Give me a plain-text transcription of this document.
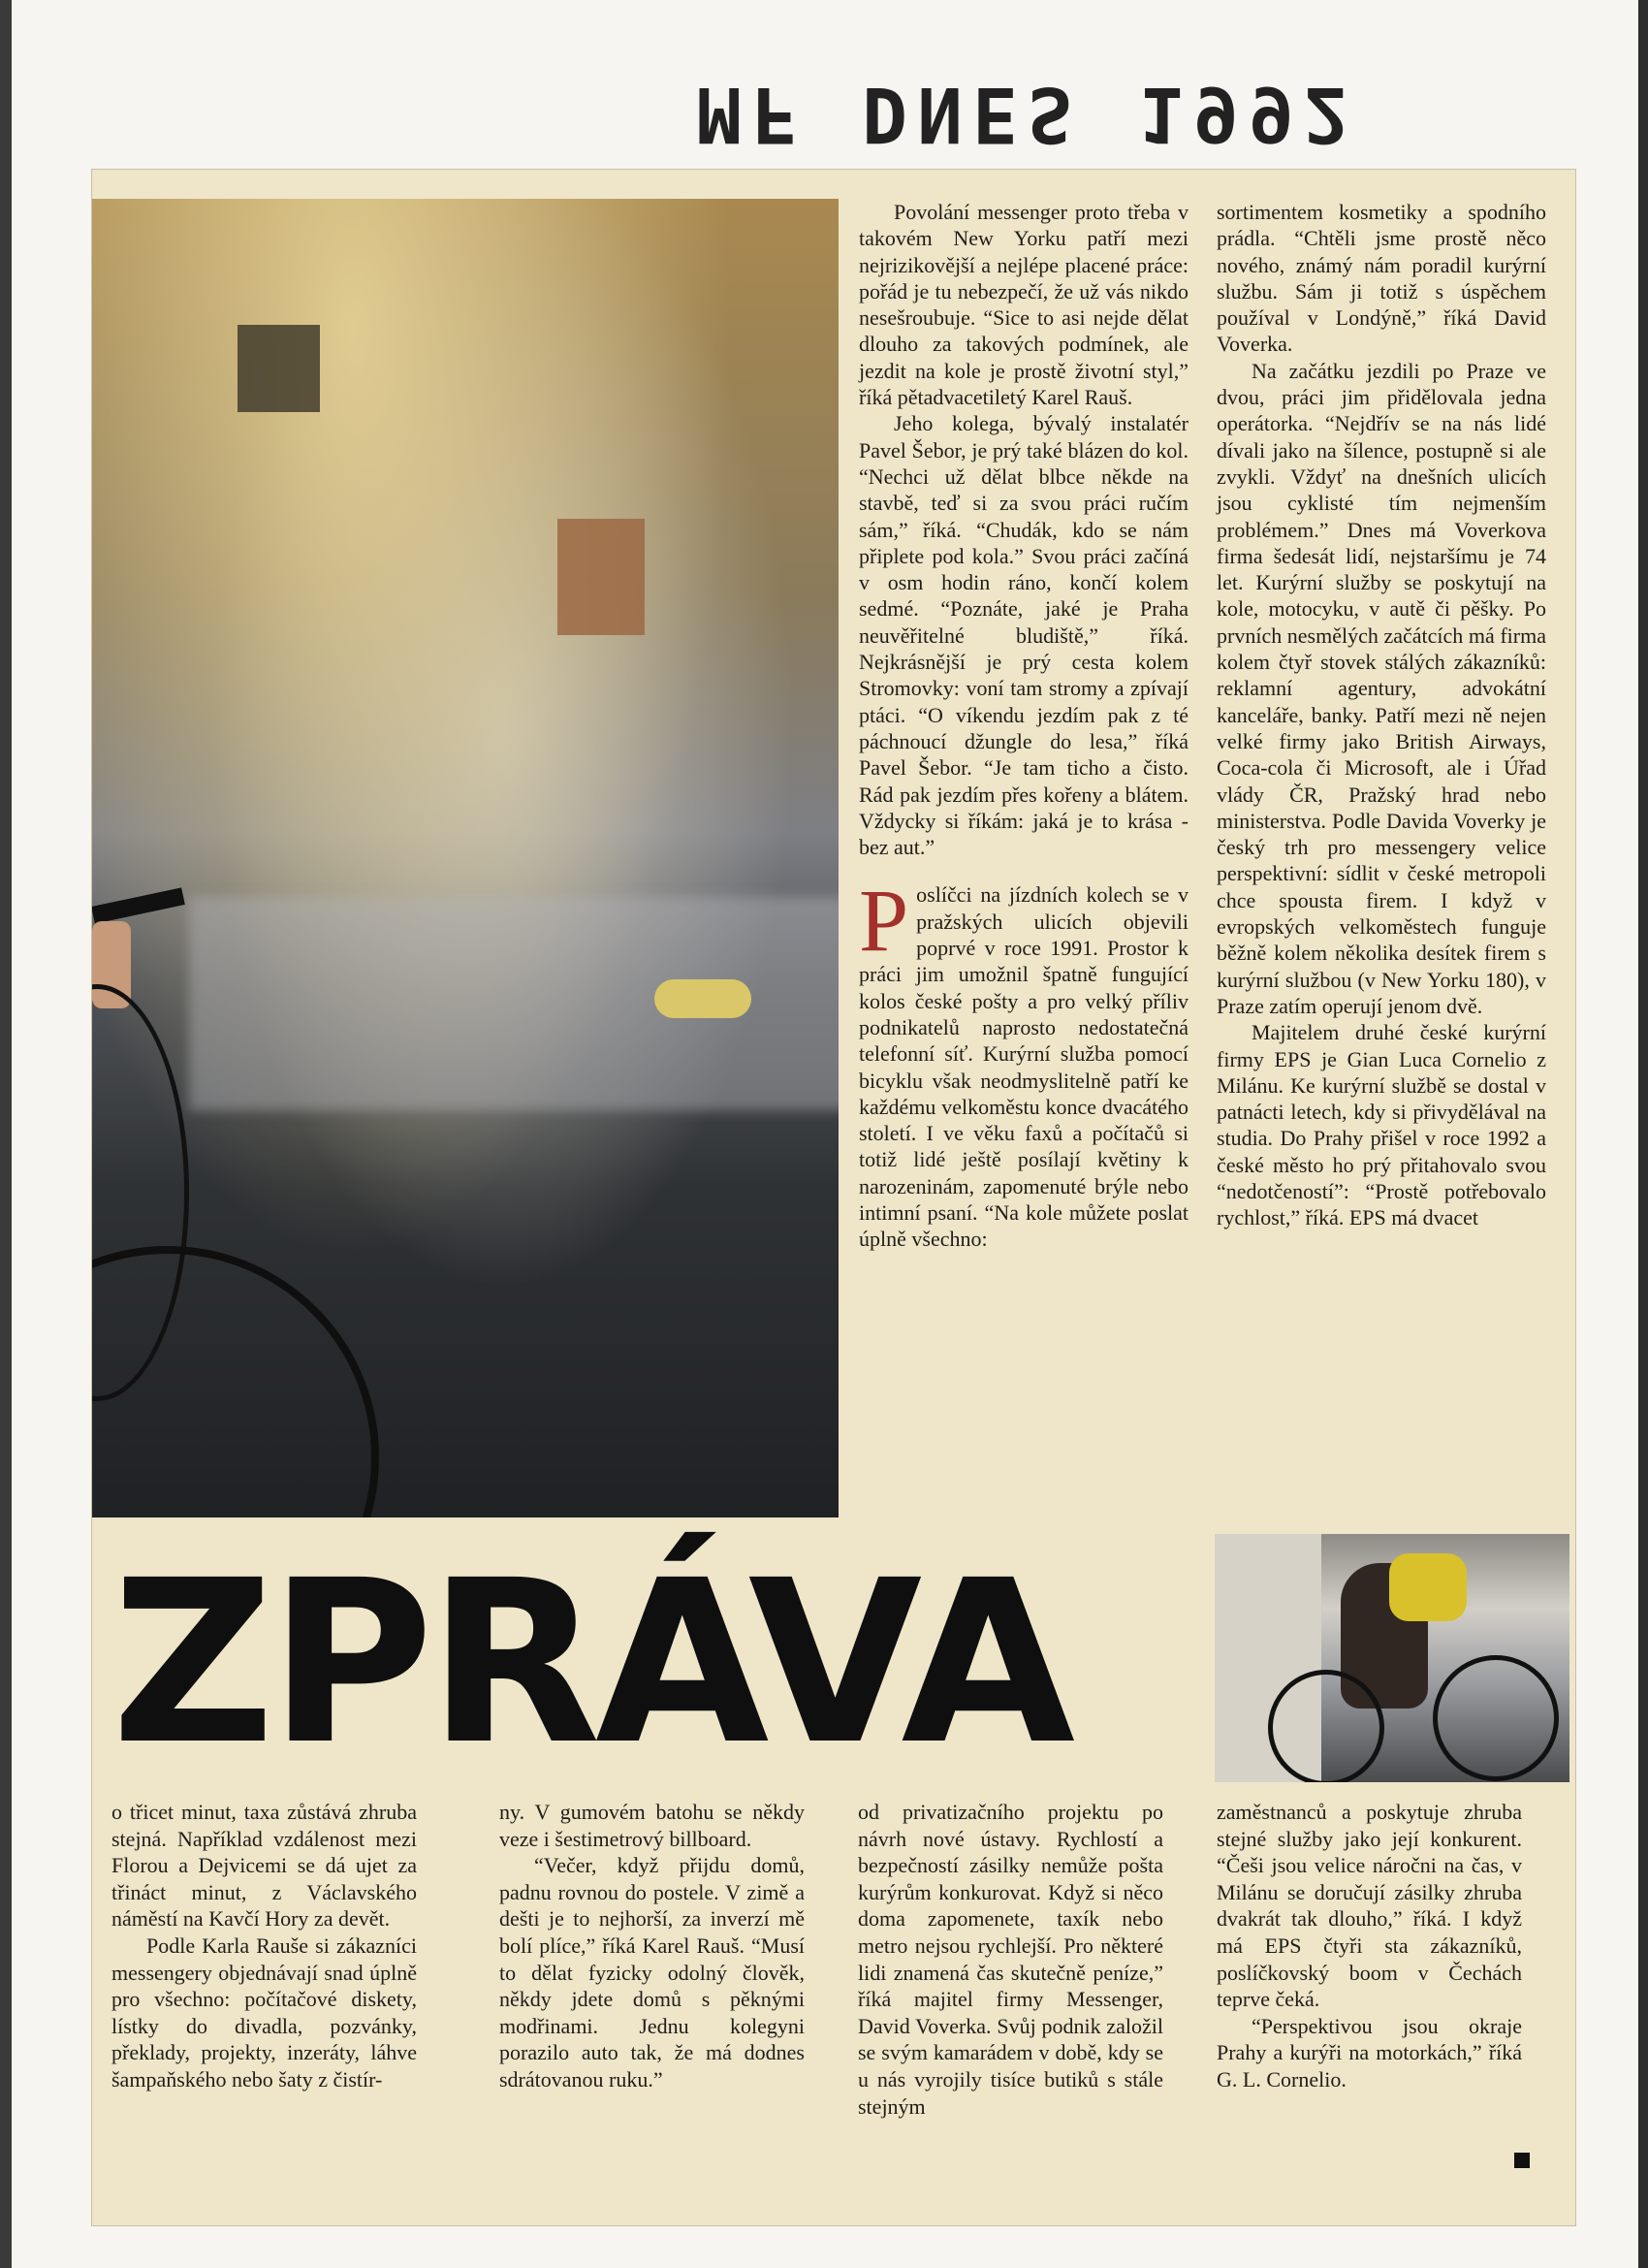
MF DNES 1992

Povolání messenger proto třeba v takovém New Yorku patří mezi nejrizikovější a nejlépe placené práce: pořád je tu nebezpečí, že už vás nikdo nesešroubuje. “Sice to asi nejde dělat dlouho za takových podmínek, ale jezdit na kole je prostě životní styl,” říká pětadvacetiletý Karel Rauš.

Jeho kolega, bývalý instalatér Pavel Šebor, je prý také blázen do kol. “Nechci už dělat blbce někde na stavbě, teď si za svou práci ručím sám,” říká. “Chudák, kdo se nám připlete pod kola.” Svou práci začíná v osm hodin ráno, končí kolem sedmé. “Poznáte, jaké je Praha neuvěřitelné bludiště,” říká. Nejkrásnější je prý cesta kolem Stromovky: voní tam stromy a zpívají ptáci. “O víkendu jezdím pak z té páchnoucí džungle do lesa,” říká Pavel Šebor. “Je tam ticho a čisto. Rád pak jezdím přes kořeny a blátem. Vždycky si říkám: jaká je to krása - bez aut.”

Poslíčci na jízdních kolech se v pražských ulicích objevili poprvé v roce 1991. Prostor k práci jim umožnil špatně fungující kolos české pošty a pro velký příliv podnikatelů naprosto nedostatečná telefonní síť. Kurýrní služba pomocí bicyklu však neodmyslitelně patří ke každému velkoměstu konce dvacátého století. I ve věku faxů a počítačů si totiž lidé ještě posílají květiny k narozeninám, zapomenuté brýle nebo intimní psaní. “Na kole můžete poslat úplně všechno:

sortimentem kosmetiky a spodního prádla. “Chtěli jsme prostě něco nového, známý nám poradil kurýrní službu. Sám ji totiž s úspěchem používal v Londýně,” říká David Voverka.

Na začátku jezdili po Praze ve dvou, práci jim přidělovala jedna operátorka. “Nejdřív se na nás lidé dívali jako na šílence, postupně si ale zvykli. Vždyť na dnešních ulicích jsou cyklisté tím nejmenším problémem.” Dnes má Voverkova firma šedesát lidí, nejstaršímu je 74 let. Kurýrní služby se poskytují na kole, motocyku, v autě či pěšky. Po prvních nesmělých začátcích má firma kolem čtyř stovek stálých zákazníků: reklamní agentury, advokátní kanceláře, banky. Patří mezi ně nejen velké firmy jako British Airways, Coca-cola či Microsoft, ale i Úřad vlády ČR, Pražský hrad nebo ministerstva. Podle Davida Voverky je český trh pro messengery velice perspektivní: sídlit v české metropoli chce spousta firem. I když v evropských velkoměstech funguje běžně kolem několika desítek firem s kurýrní službou (v New Yorku 180), v Praze zatím operují jenom dvě.

Majitelem druhé české kurýrní firmy EPS je Gian Luca Cornelio z Milánu. Ke kurýrní službě se dostal v patnácti letech, kdy si přivydělával na studia. Do Prahy přišel v roce 1992 a české město ho prý přitahovalo svou “nedotčeností”: “Prostě potřebovalo rychlost,” říká. EPS má dvacet

ZPRÁVA

o třicet minut, taxa zůstává zhruba stejná. Například vzdálenost mezi Florou a Dejvicemi se dá ujet za třináct minut, z Václavského náměstí na Kavčí Hory za devět.

Podle Karla Rauše si zákazníci messengery objednávají snad úplně pro všechno: počítačové diskety, lístky do divadla, pozvánky, překlady, projekty, inzeráty, láhve šampaňského nebo šaty z čistír-

ny. V gumovém batohu se někdy veze i šestimetrový billboard.

“Večer, když přijdu domů, padnu rovnou do postele. V zimě a dešti je to nejhorší, za inverzí mě bolí plíce,” říká Karel Rauš. “Musí to dělat fyzicky odolný člověk, někdy jdete domů s pěknými modřinami. Jednu kolegyni porazilo auto tak, že má dodnes sdrátovanou ruku.”

od privatizačního projektu po návrh nové ústavy. Rychlostí a bezpečností zásilky nemůže pošta kurýrům konkurovat. Když si něco doma zapomenete, taxík nebo metro nejsou rychlejší. Pro některé lidi znamená čas skutečně peníze,” říká majitel firmy Messenger, David Voverka. Svůj podnik založil se svým kamarádem v době, kdy se u nás vyrojily tisíce butiků s stále stejným

zaměstnanců a poskytuje zhruba stejné služby jako její konkurent. “Češi jsou velice náročni na čas, v Milánu se doručují zásilky zhruba dvakrát tak dlouho,” říká. I když má EPS čtyři sta zákazníků, poslíčkovský boom v Čechách teprve čeká.

“Perspektivou jsou okraje Prahy a kurýři na motorkách,” říká G. L. Cornelio.
